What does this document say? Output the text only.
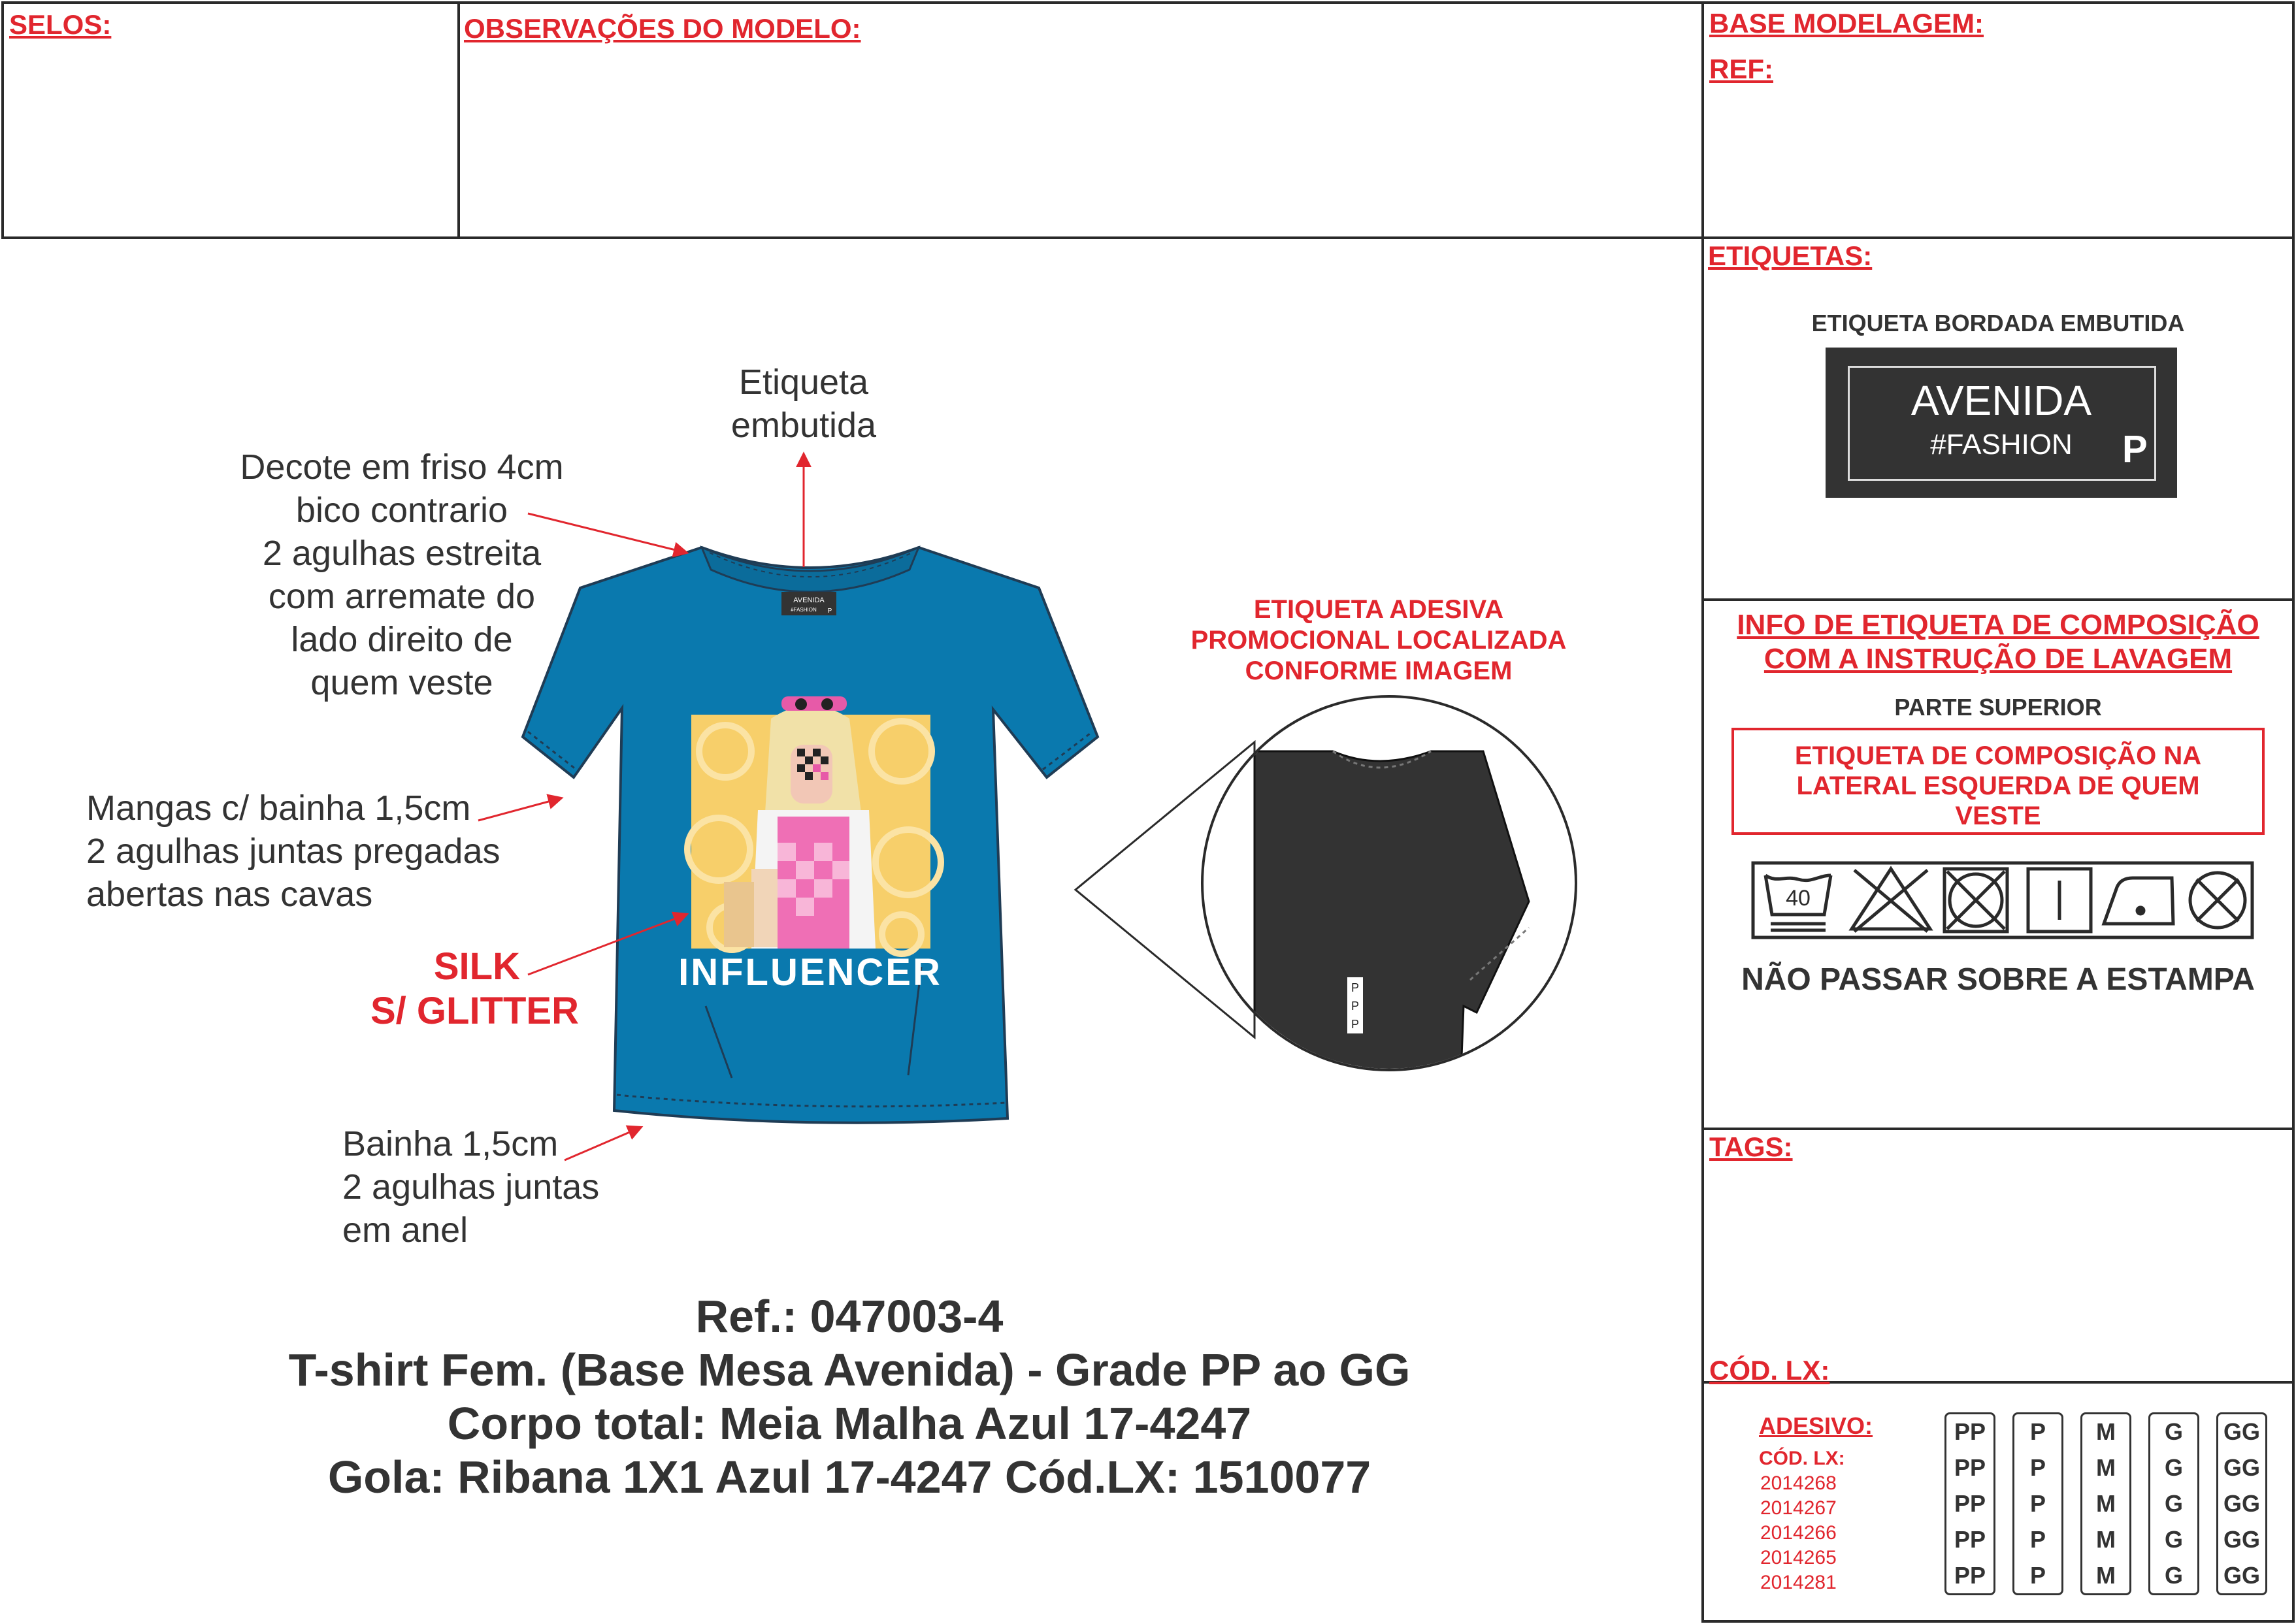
SELOS:	OBSERVAÇÕES DO MODELO:	BASE MODELAGEM:
REF:
ETIQUETAS:
ETIQUETA BORDADA EMBUTIDA
AVENIDA
#FASHION	P
INFO DE ETIQUETA DE COMPOSIÇÃO
COM A INSTRUÇÃO DE LAVAGEM
PARTE SUPERIOR
ETIQUETA DE COMPOSIÇÃO NA
LATERAL ESQUERDA DE QUEM
VESTE
40
NÃO PASSAR SOBRE A ESTAMPA
TAGS:
CÓD. LX:
ADESIVO:
CÓD. LX:
2014268
2014267
2014266
2014265
2014281
PP
PP
PP
PP
PP
P
P
P
P
P
M
M
M
M
M
G
G
G
G
G
GG
GG
GG
GG
GG
AVENIDA
#FASHION P
INFLUENCER	P
P
P
Etiqueta
embutida
Decote em friso 4cm
bico contrario
2 agulhas estreita
com arremate do
lado direito de
quem veste
Mangas c/ bainha 1,5cm
2 agulhas juntas pregadas
abertas nas cavas
SILK
S/ GLITTER
Bainha 1,5cm
2 agulhas juntas
em anel
ETIQUETA ADESIVA
PROMOCIONAL LOCALIZADA
CONFORME IMAGEM
Ref.: 047003-4
T-shirt Fem. (Base Mesa Avenida) - Grade PP ao GG
Corpo total: Meia Malha Azul 17-4247
Gola: Ribana 1X1 Azul 17-4247 Cód.LX: 1510077
